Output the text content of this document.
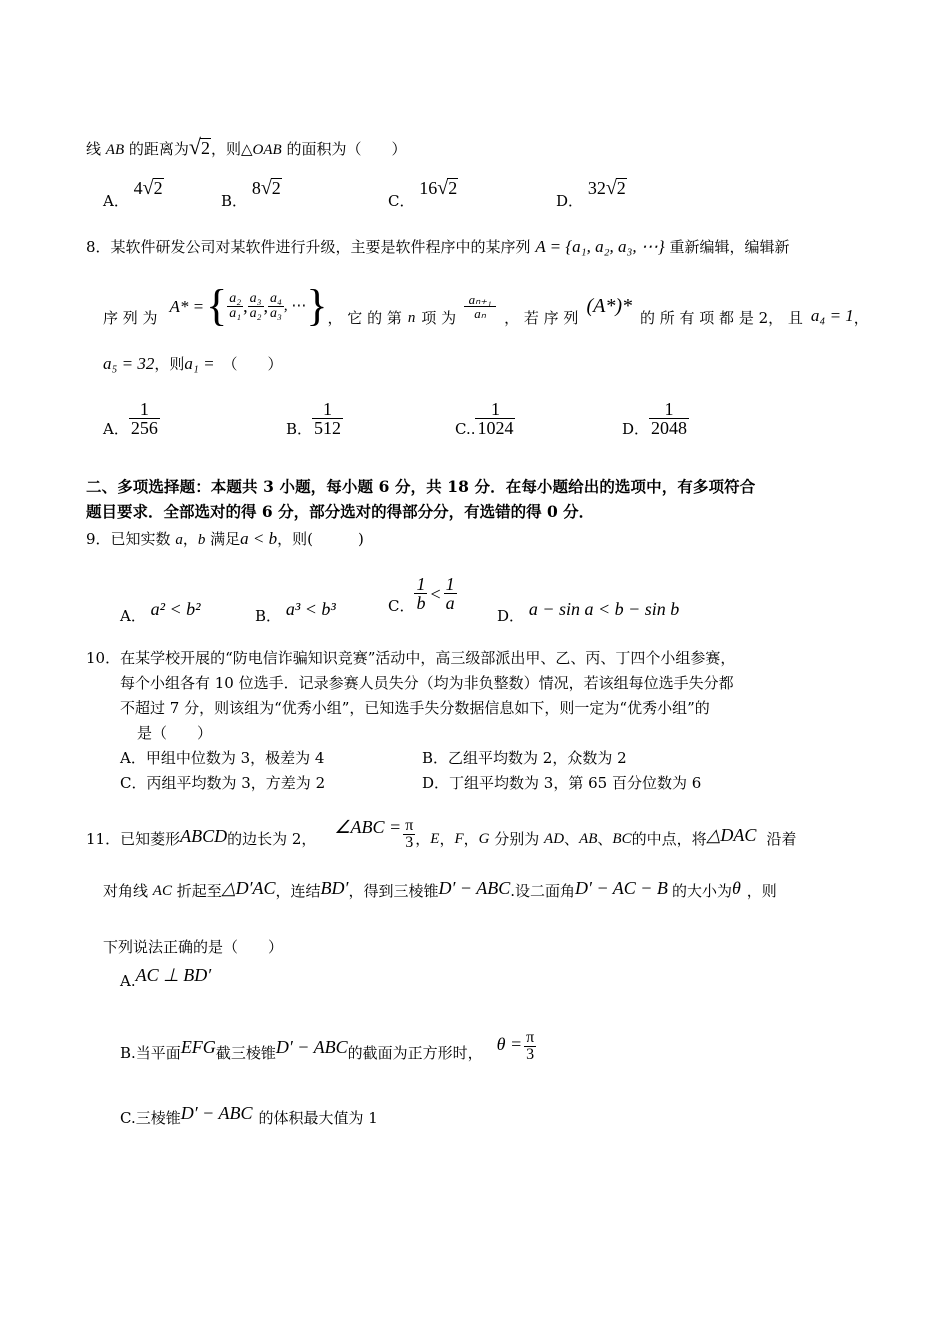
线 AB 的距离为√2，则△OAB 的面积为（　　）
A． 4√2
B． 8√2
C． 16√2
D． 32√2
8．某软件研发公司对某软件进行升级，主要是软件程序中的某序列 A = {a₁, a₂, a₃, ⋯} 重新编辑，编辑新
序 列 为
A* = { $\frac{\text{a₂}}{\text{a₁}}$ , $\frac{\text{a₃}}{\text{a₂}}$ , $\frac{\text{a₄}}{\text{a₃}}$ , ⋯ } ， 它 的 第 n 项 为 $\frac{\text{aₙ₊₁}}{\text{aₙ}}$ ， 若 序 列
(A*)*
的 所 有 项 都 是 2， 且 a₄ = 1 ，
a₅ = 32，则a₁ = （　　）
A． $\frac{1}{256}$	B． $\frac{1}{512}$	C.. $\frac{1}{1024}$	D． $\frac{1}{2048}$
二、多项选择题：本题共 3 小题，每小题 6 分，共 18 分．在每小题给出的选项中，有多项符合
题目要求．全部选对的得 6 分，部分选对的得部分分，有选错的得 0 分．
9．已知实数 a，b 满足a < b，则(　　　)
A． a² < b²	B． a³ < b³	C． $\frac{1}{b} < \frac{1}{a}$
D． a − sin a < b − sin b
10．在某学校开展的“防电信诈骗知识竞赛”活动中，高三级部派出甲、乙、丙、丁四个小组参赛，
每个小组各有 10 位选手．记录参赛人员失分（均为非负整数）情况，若该组每位选手失分都
不超过 7 分，则该组为“优秀小组”，已知选手失分数据信息如下，则一定为“优秀小组”的
是（　　）
A．甲组中位数为 3，极差为 4	B．乙组平均数为 2，众数为 2
C．丙组平均数为 3，方差为 2	D．丁组平均数为 3，第 65 百分位数为 6
11．已知菱形 ABCD 的边长为 2，
∠ABC = $\frac{\pi}{3}$ ， E ， F ， G 分别为 AD 、 AB 、 BC 的中点，将 △DAC 沿着
对角线 AC 折起至 △D′AC ，连结 BD′ ，得到三棱锥 D′ − ABC .设二面角 D′ − AC − B 的大小为 θ ，则
下列说法正确的是（　　）
A. AC ⊥ BD′
B. 当平面 EFG 截三棱锥 D′ − ABC 的截面为正方形时， $\theta = \frac{\pi}{3}$
C. 三棱锥 D′ − ABC 的体积最大值为 1
